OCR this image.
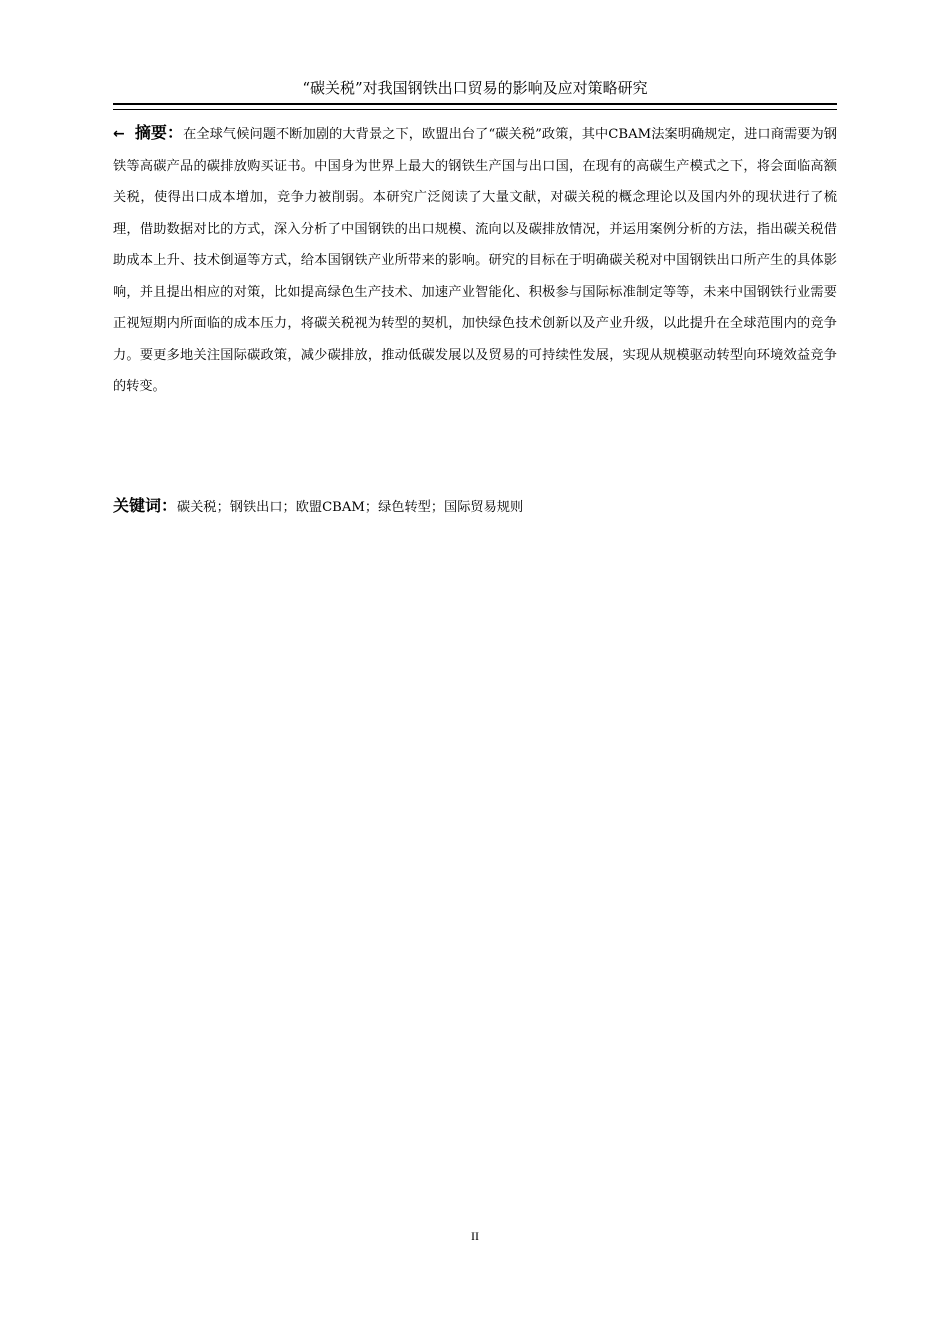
“碳关税”对我国钢铁出口贸易的影响及应对策略研究

← 摘要：在全球气候问题不断加剧的大背景之下，欧盟出台了“碳关税”政策，其中CBAM法案明确规定，进口商需要为钢铁等高碳产品的碳排放购买证书。中国身为世界上最大的钢铁生产国与出口国，在现有的高碳生产模式之下，将会面临高额关税，使得出口成本增加，竞争力被削弱。本研究广泛阅读了大量文献，对碳关税的概念理论以及国内外的现状进行了梳理，借助数据对比的方式，深入分析了中国钢铁的出口规模、流向以及碳排放情况，并运用案例分析的方法，指出碳关税借助成本上升、技术倒逼等方式，给本国钢铁产业所带来的影响。研究的目标在于明确碳关税对中国钢铁出口所产生的具体影响，并且提出相应的对策，比如提高绿色生产技术、加速产业智能化、积极参与国际标准制定等等，未来中国钢铁行业需要正视短期内所面临的成本压力，将碳关税视为转型的契机，加快绿色技术创新以及产业升级，以此提升在全球范围内的竞争力。要更多地关注国际碳政策，减少碳排放，推动低碳发展以及贸易的可持续性发展，实现从规模驱动转型向环境效益竞争的转变。

关键词：碳关税；钢铁出口；欧盟CBAM；绿色转型；国际贸易规则

II
